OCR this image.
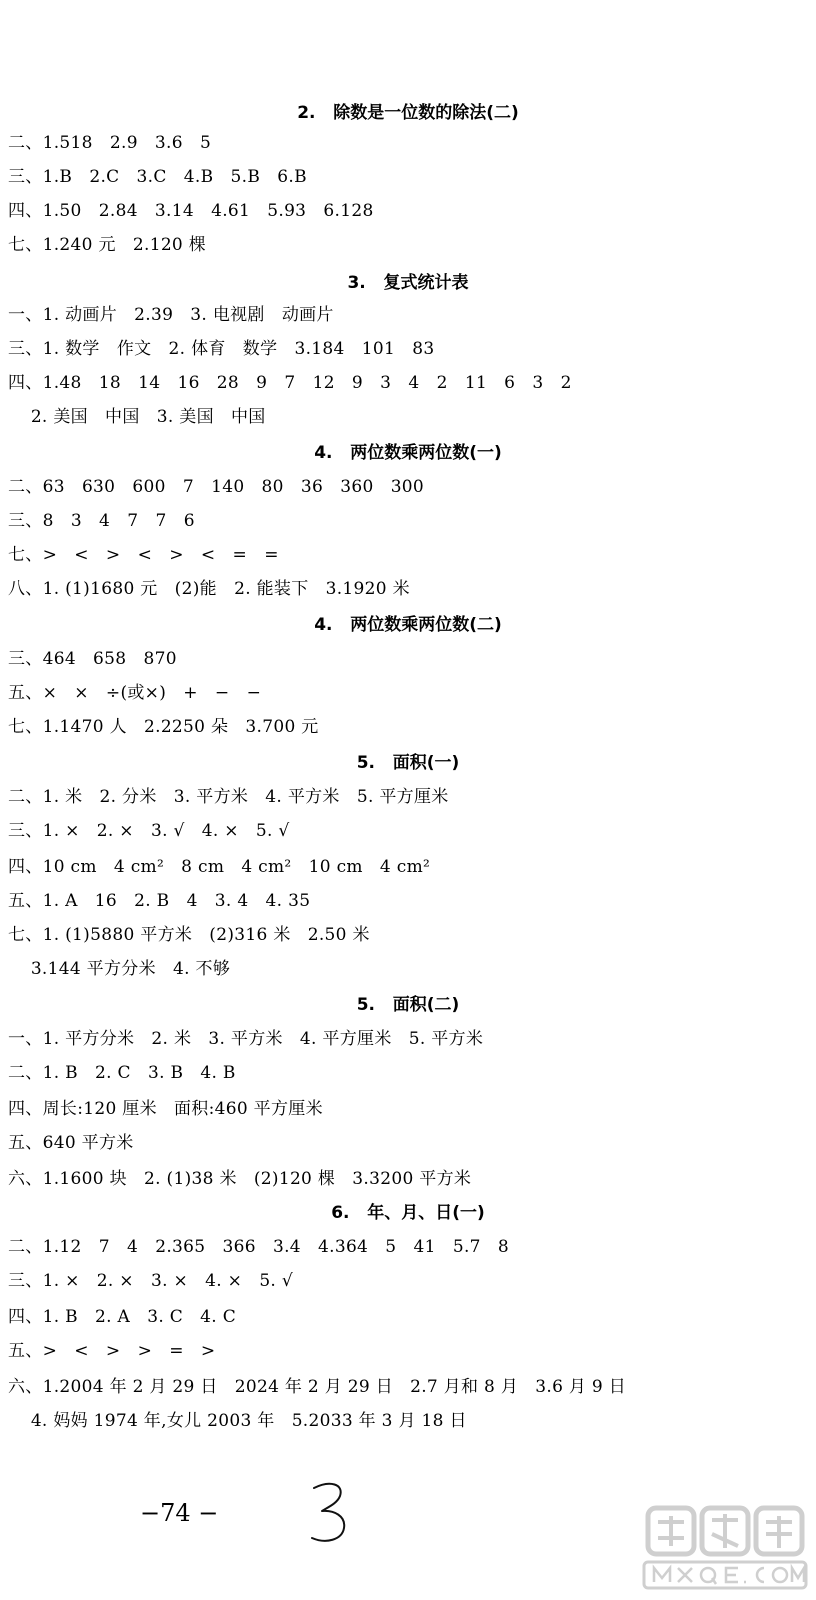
2.   除数是一位数的除法(二)
二、1.518   2.9   3.6   5
三、1.B   2.C   3.C   4.B   5.B   6.B
四、1.50   2.84   3.14   4.61   5.93   6.128
七、1.240 元   2.120 棵
3.   复式统计表
一、1. 动画片   2.39   3. 电视剧   动画片
三、1. 数学   作文   2. 体育   数学   3.184   101   83
四、1.48   18   14   16   28   9   7   12   9   3   4   2   11   6   3   2
2. 美国   中国   3. 美国   中国
4.   两位数乘两位数(一)
二、63   630   600   7   140   80   36   360   300
三、8   3   4   7   7   6
七、>   <   >   <   >   <   =   =
八、1. (1)1680 元   (2)能   2. 能装下   3.1920 米
4.   两位数乘两位数(二)
三、464   658   870
五、×   ×   ÷(或×)   +   −   −
七、1.1470 人   2.2250 朵   3.700 元
5.   面积(一)
二、1. 米   2. 分米   3. 平方米   4. 平方米   5. 平方厘米
三、1. ×   2. ×   3. √   4. ×   5. √
四、10 cm   4 cm²   8 cm   4 cm²   10 cm   4 cm²
五、1. A   16   2. B   4   3. 4   4. 35
七、1. (1)5880 平方米   (2)316 米   2.50 米
3.144 平方分米   4. 不够
5.   面积(二)
一、1. 平方分米   2. 米   3. 平方米   4. 平方厘米   5. 平方米
二、1. B   2. C   3. B   4. B
四、周长:120 厘米   面积:460 平方厘米
五、640 平方米
六、1.1600 块   2. (1)38 米   (2)120 棵   3.3200 平方米
6.   年、月、日(一)
二、1.12   7   4   2.365   366   3.4   4.364   5   41   5.7   8
三、1. ×   2. ×   3. ×   4. ×   5. √
四、1. B   2. A   3. C   4. C
五、>   <   >   >   =   >
六、1.2004 年 2 月 29 日   2024 年 2 月 29 日   2.7 月和 8 月   3.6 月 9 日
4. 妈妈 1974 年,女儿 2003 年   5.2033 年 3 月 18 日
−74 −
